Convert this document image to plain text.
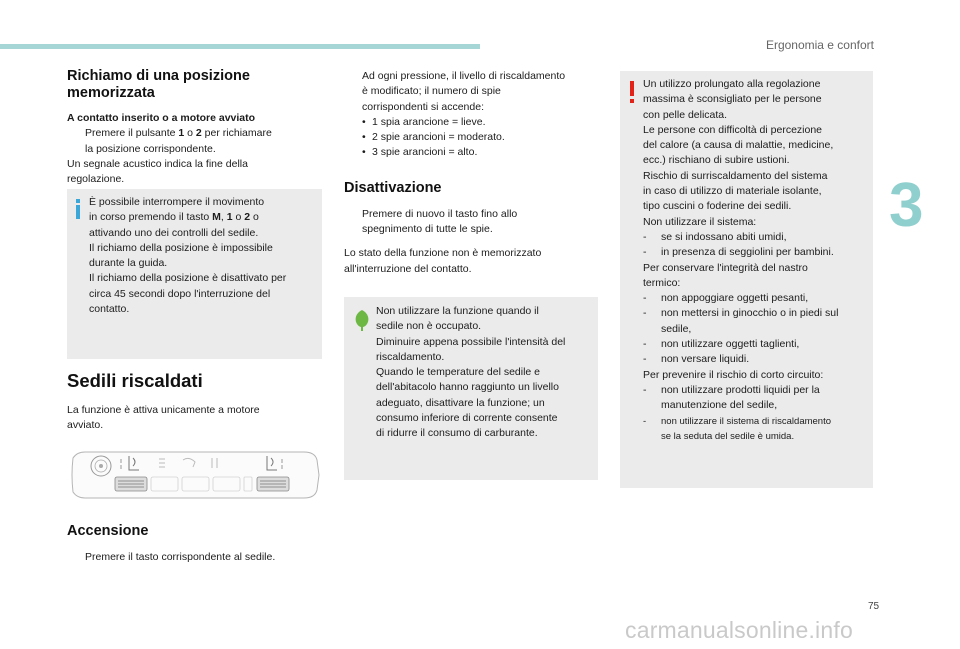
Ergonomia e confort
3
75
carmanualsonline.info

Richiamo di una posizione
memorizzata

A contatto inserito o a motore avviato

Premere il pulsante 1 o 2 per richiamare
la posizione corrispondente.

Un segnale acustico indica la fine della
regolazione.

È possibile interrompere il movimento

in corso premendo il tasto M, 1 o 2 o

attivando uno dei controlli del sedile.

Il richiamo della posizione è impossibile

durante la guida.

Il richiamo della posizione è disattivato per

circa 45 secondi dopo l'interruzione del

contatto.

Sedili riscaldati

La funzione è attiva unicamente a motore
avviato.

Accensione

Premere il tasto corrispondente al sedile.
Ad ogni pressione, il livello di riscaldamento
è modificato; il numero di spie
corrispondenti si accende:
• 1 spia arancione = lieve.
• 2 spie arancioni = moderato.
• 3 spie arancioni = alto.

Disattivazione

Premere di nuovo il tasto fino allo
spegnimento di tutte le spie.

Lo stato della funzione non è memorizzato
all'interruzione del contatto.

Non utilizzare la funzione quando il

sedile non è occupato.

Diminuire appena possibile l'intensità del

riscaldamento.

Quando le temperature del sedile e

dell'abitacolo hanno raggiunto un livello

adeguato, disattivare la funzione; un

consumo inferiore di corrente consente

di ridurre il consumo di carburante.

Un utilizzo prolungato alla regolazione

massima è sconsigliato per le persone

con pelle delicata.

Le persone con difficoltà di percezione

del calore (a causa di malattie, medicine,

ecc.) rischiano di subire ustioni.

Rischio di surriscaldamento del sistema

in caso di utilizzo di materiale isolante,

tipo cuscini o foderine dei sedili.

Non utilizzare il sistema:

- se si indossano abiti umidi,
- in presenza di seggiolini per bambini.

Per conservare l'integrità del nastro

termico:

- non appoggiare oggetti pesanti,
- non mettersi in ginocchio o in piedi sul
sedile,
- non utilizzare oggetti taglienti,
- non versare liquidi.

Per prevenire il rischio di corto circuito:

- non utilizzare prodotti liquidi per la
manutenzione del sedile,
- non utilizzare il sistema di riscaldamento
se la seduta del sedile è umida.
